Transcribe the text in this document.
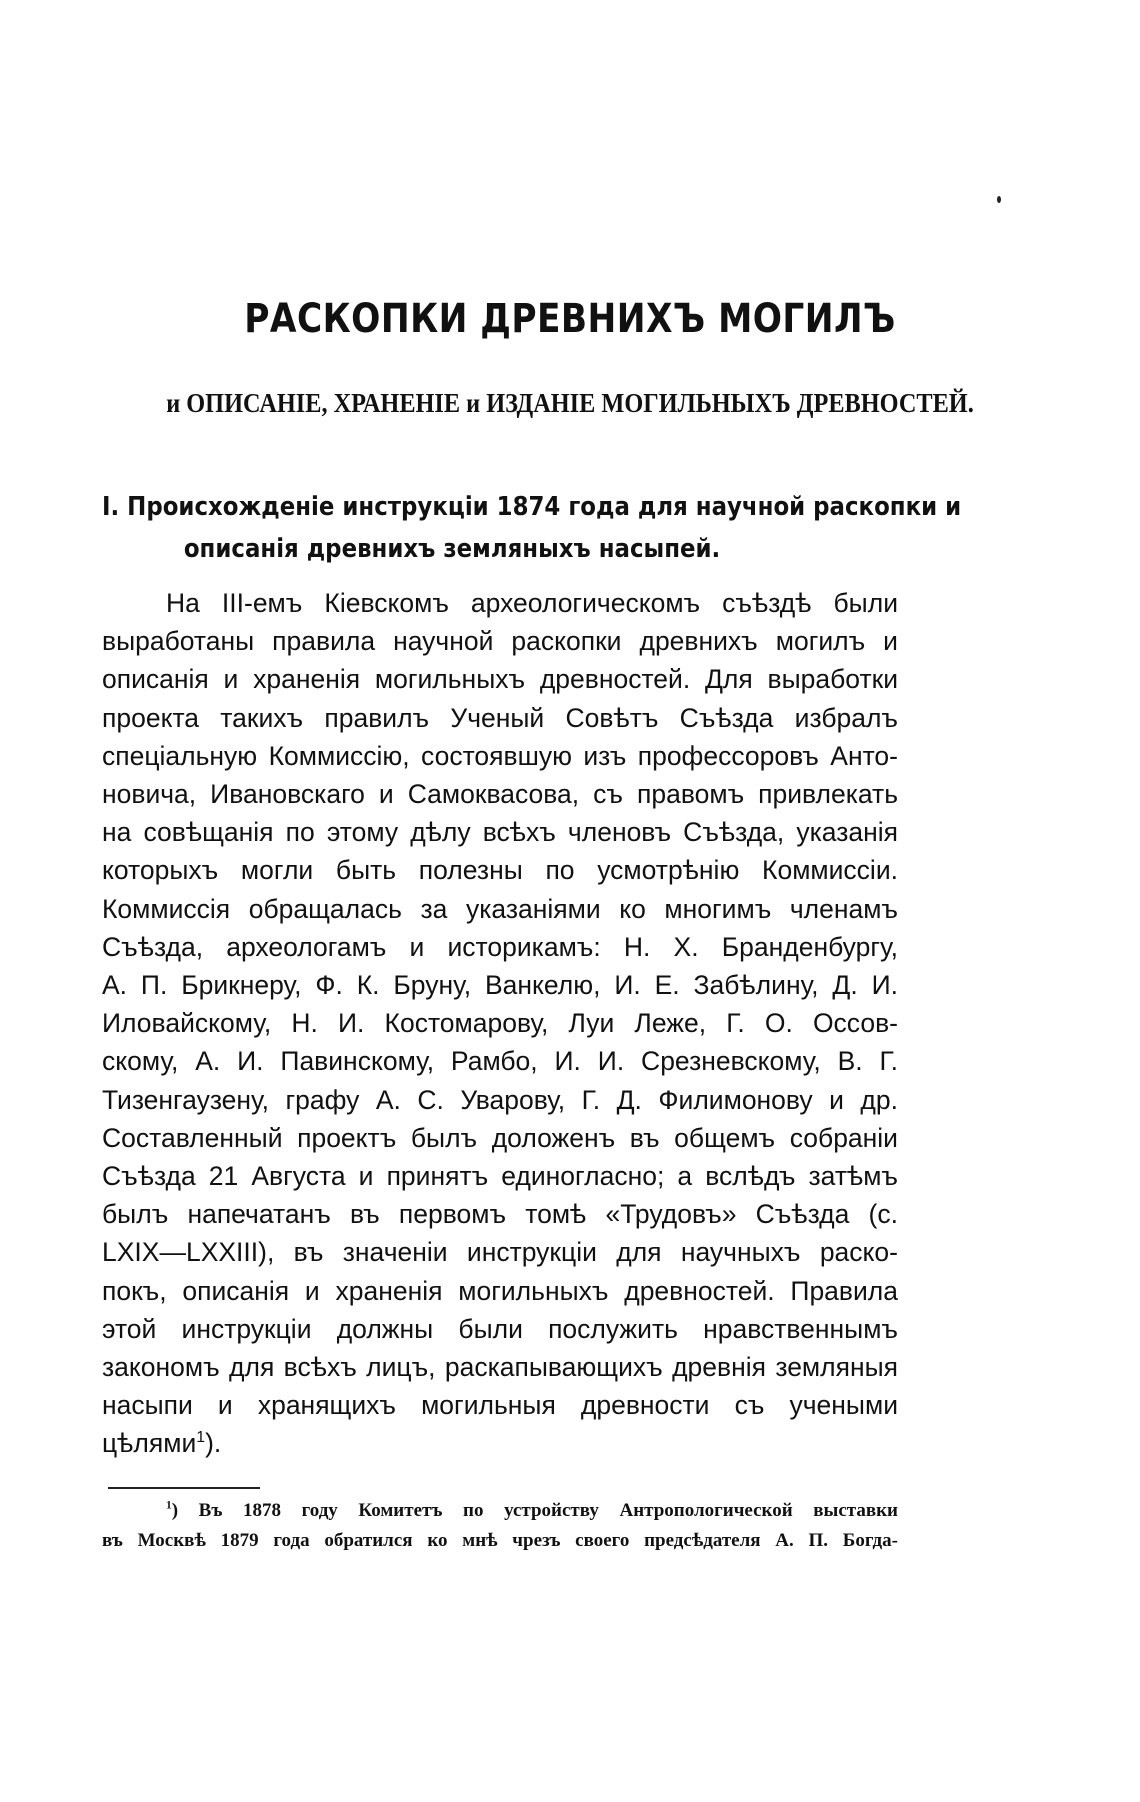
РАСКОПКИ ДРЕВНИХЪ МОГИЛЪ
и ОПИСАНІЕ, ХРАНЕНІЕ и ИЗДАНІЕ МОГИЛЬНЫХЪ ДРЕВНОСТЕЙ.
I. Происхожденіе инструкціи 1874 года для научной раскопки и
описанія древнихъ земляныхъ насыпей.
На III-емъ Кіевскомъ археологическомъ съѣздѣ были
выработаны правила научной раскопки древнихъ могилъ и
описанія и храненія могильныхъ древностей. Для выработки
проекта такихъ правилъ Ученый Совѣтъ Съѣзда избралъ
спеціальную Коммиссію, состоявшую изъ профессоровъ Анто-
новича, Ивановскаго и Самоквасова, съ правомъ привлекать
на совѣщанія по этому дѣлу всѣхъ членовъ Съѣзда, указанія
которыхъ могли быть полезны по усмотрѣнію Коммиссіи.
Коммиссія обращалась за указаніями ко многимъ членамъ
Съѣзда, археологамъ и историкамъ: Н. Х. Бранденбургу,
А. П. Брикнеру, Ф. К. Бруну, Ванкелю, И. Е. Забѣлину, Д. И.
Иловайскому, Н. И. Костомарову, Луи Леже, Г. О. Оссов-
скому, А. И. Павинскому, Рамбо, И. И. Срезневскому, В. Г.
Тизенгаузену, графу А. С. Уварову, Г. Д. Филимонову и др.
Составленный проектъ былъ доложенъ въ общемъ собраніи
Съѣзда 21 Августа и принятъ единогласно; а вслѣдъ затѣмъ
былъ напечатанъ въ первомъ томѣ «Трудовъ» Съѣзда (с.
LXIX—LXXIII), въ значеніи инструкціи для научныхъ раско-
покъ, описанія и храненія могильныхъ древностей. Правила
этой инструкціи должны были послужить нравственнымъ
закономъ для всѣхъ лицъ, раскапывающихъ древнія земляныя
насыпи и хранящихъ могильныя древности съ учеными
цѣлями$^1$).
$^1$) Въ 1878 году Комитетъ по устройству Антропологической выставки
въ Москвѣ 1879 года обратился ко мнѣ чрезъ своего предсѣдателя А. П. Богда-
